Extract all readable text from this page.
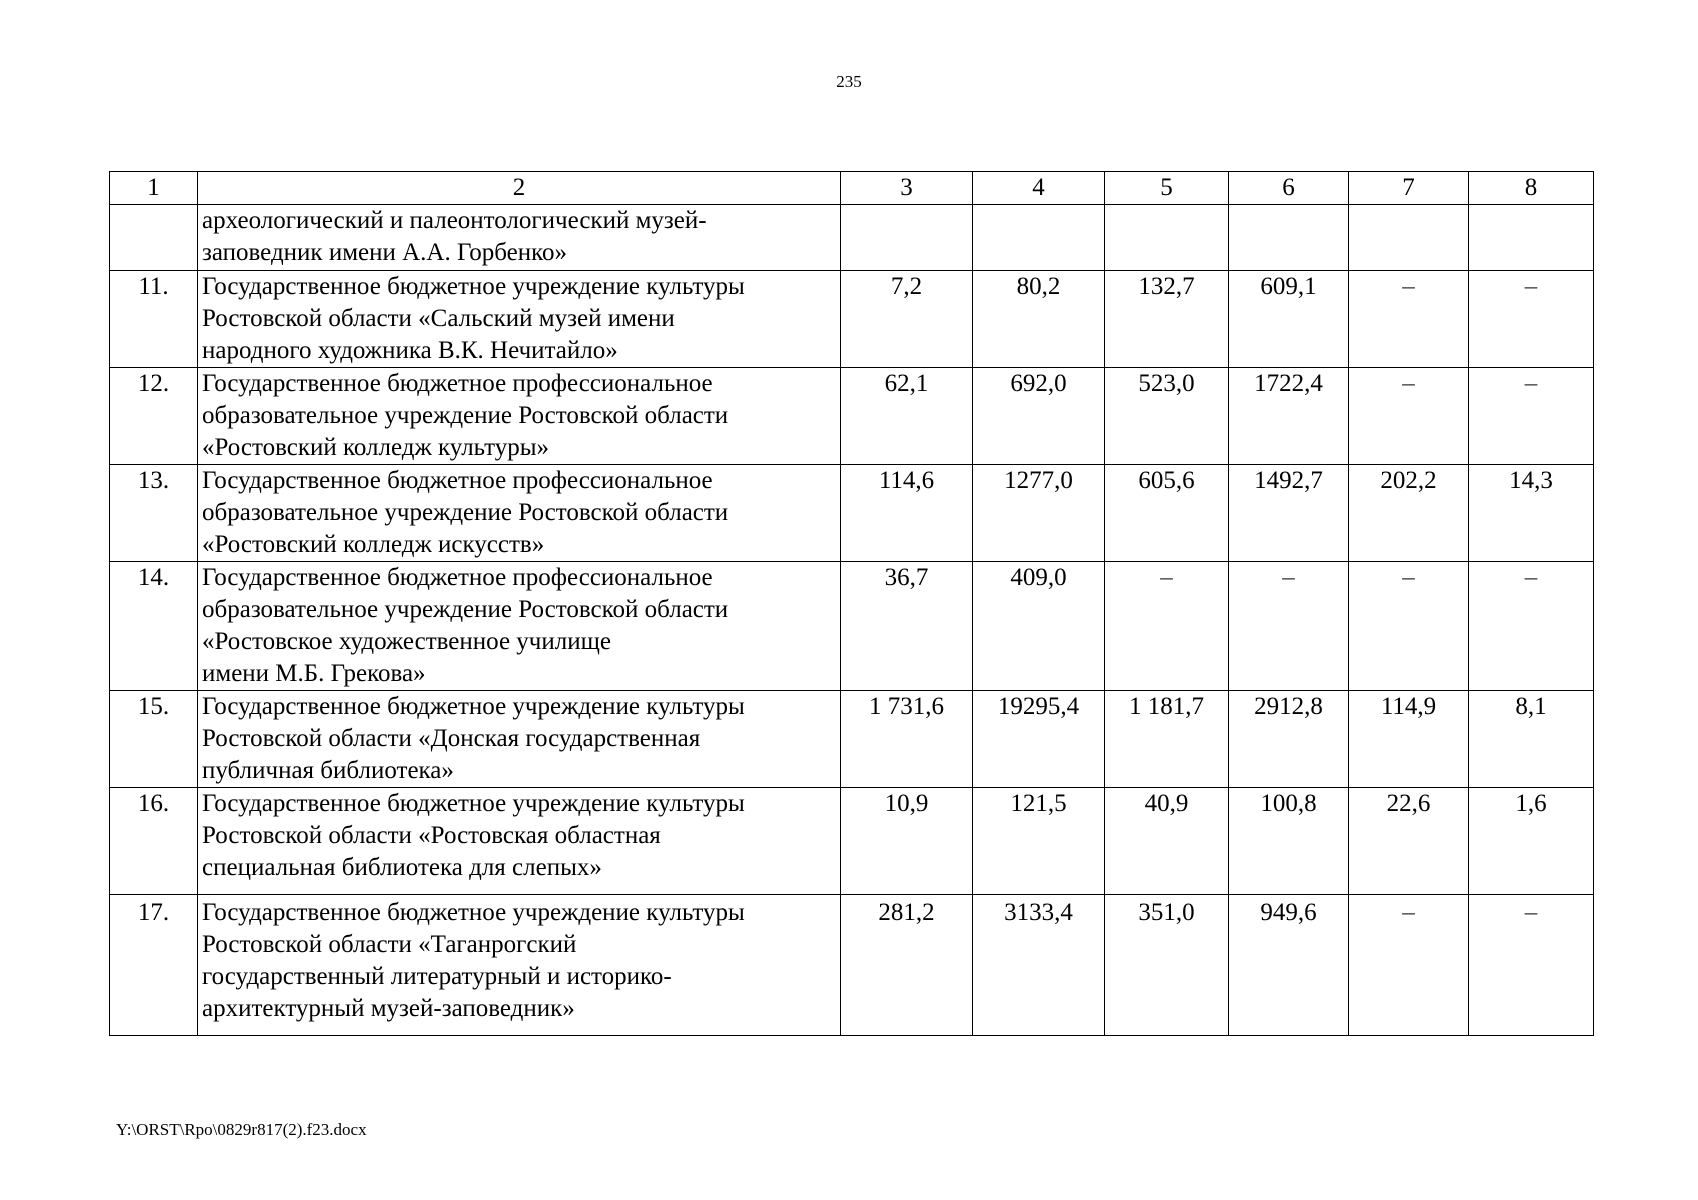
235
1	2	3	4	5	6	7	8
	археологический и палеонтологический музей-
заповедник имени А.А. Горбенко»						
11.	Государственное бюджетное учреждение культуры
Ростовской области «Сальский музей имени
народного художника В.К. Нечитайло»	7,2	80,2	132,7	609,1	–	–
12.	Государственное бюджетное профессиональное
образовательное учреждение Ростовской области
«Ростовский колледж культуры»	62,1	692,0	523,0	1722,4	–	–
13.	Государственное бюджетное профессиональное
образовательное учреждение Ростовской области
«Ростовский колледж искусств»	114,6	1277,0	605,6	1492,7	202,2	14,3
14.	Государственное бюджетное профессиональное
образовательное учреждение Ростовской области
«Ростовское художественное училище
имени М.Б. Грекова»	36,7	409,0	–	–	–	–
15.	Государственное бюджетное учреждение культуры
Ростовской области «Донская государственная
публичная библиотека»	1 731,6	19295,4	1 181,7	2912,8	114,9	8,1
16.	Государственное бюджетное учреждение культуры
Ростовской области «Ростовская областная
специальная библиотека для слепых»	10,9	121,5	40,9	100,8	22,6	1,6
17.	Государственное бюджетное учреждение культуры
Ростовской области «Таганрогский
государственный литературный и историко-
архитектурный музей-заповедник»	281,2	3133,4	351,0	949,6	–	–
Y:\ORST\Rpo\0829r817(2).f23.docx
